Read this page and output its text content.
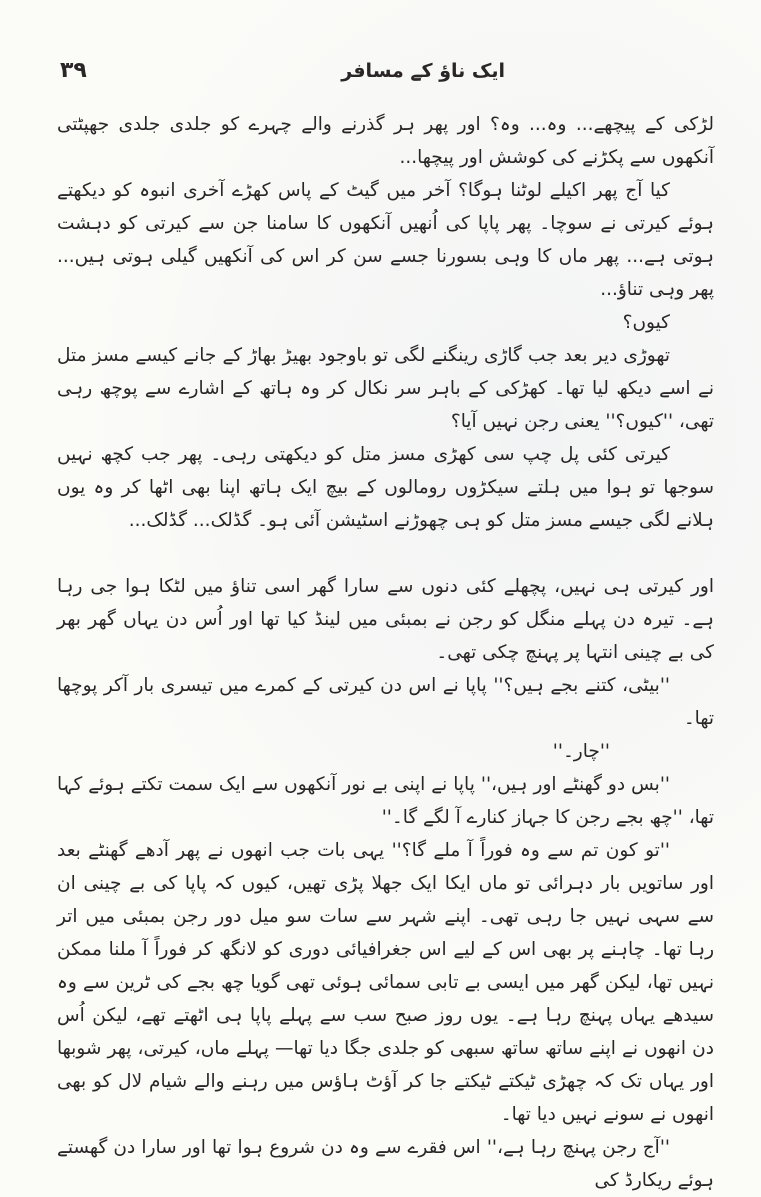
ایک ناؤ کے مسافر
۳۹

لڑکی کے پیچھے... وہ... وہ؟ اور پھر ہر گذرنے والے چہرے کو جلدی جلدی جھپٹتی آنکھوں سے پکڑنے کی کوشش اور پیچھا...

کیا آج پھر اکیلے لوٹنا ہوگا؟ آخر میں گیٹ کے پاس کھڑے آخری انبوہ کو دیکھتے ہوئے کیرتی نے سوچا۔ پھر پاپا کی اُنھیں آنکھوں کا سامنا جن سے کیرتی کو دہشت ہوتی ہے... پھر ماں کا وہی بسورنا جسے سن کر اس کی آنکھیں گیلی ہوتی ہیں... پھر وہی تناؤ...

کیوں؟

تھوڑی دیر بعد جب گاڑی رینگنے لگی تو باوجود بھیڑ بھاڑ کے جانے کیسے مسز متل نے اسے دیکھ لیا تھا۔ کھڑکی کے باہر سر نکال کر وہ ہاتھ کے اشارے سے پوچھ رہی تھی، ''کیوں؟'' یعنی رجن نہیں آیا؟

کیرتی کئی پل چپ سی کھڑی مسز متل کو دیکھتی رہی۔ پھر جب کچھ نہیں سوجھا تو ہوا میں ہلتے سیکڑوں رومالوں کے بیچ ایک ہاتھ اپنا بھی اٹھا کر وہ یوں ہلانے لگی جیسے مسز متل کو ہی چھوڑنے اسٹیشن آئی ہو۔ گڈلک... گڈلک...

اور کیرتی ہی نہیں، پچھلے کئی دنوں سے سارا گھر اسی تناؤ میں لٹکا ہوا جی رہا ہے۔ تیرہ دن پہلے منگل کو رجن نے بمبئی میں لینڈ کیا تھا اور اُس دن یہاں گھر بھر کی بے چینی انتہا پر پہنچ چکی تھی۔

''بیٹی، کتنے بجے ہیں؟'' پاپا نے اس دن کیرتی کے کمرے میں تیسری بار آکر پوچھا تھا۔

''چار۔''

''بس دو گھنٹے اور ہیں،'' پاپا نے اپنی بے نور آنکھوں سے ایک سمت تکتے ہوئے کہا تھا، ''چھ بجے رجن کا جہاز کنارے آ لگے گا۔''

''تو کون تم سے وہ فوراً آ ملے گا؟'' یہی بات جب انھوں نے پھر آدھے گھنٹے بعد اور ساتویں بار دہرائی تو ماں ایکا ایک جھلا پڑی تھیں، کیوں کہ پاپا کی بے چینی ان سے سہی نہیں جا رہی تھی۔ اپنے شہر سے سات سو میل دور رجن بمبئی میں اتر رہا تھا۔ چاہنے پر بھی اس کے لیے اس جغرافیائی دوری کو لانگھ کر فوراً آ ملنا ممکن نہیں تھا، لیکن گھر میں ایسی بے تابی سمائی ہوئی تھی گویا چھ بجے کی ٹرین سے وہ سیدھے یہاں پہنچ رہا ہے۔ یوں روز صبح سب سے پہلے پاپا ہی اٹھتے تھے، لیکن اُس دن انھوں نے اپنے ساتھ ساتھ سبھی کو جلدی جگا دیا تھا— پہلے ماں، کیرتی، پھر شوبھا اور یہاں تک کہ چھڑی ٹیکتے ٹیکتے جا کر آؤٹ ہاؤس میں رہنے والے شیام لال کو بھی انھوں نے سونے نہیں دیا تھا۔

''آج رجن پہنچ رہا ہے،'' اس فقرے سے وہ دن شروع ہوا تھا اور سارا دن گھستے ہوئے ریکارڈ کی
